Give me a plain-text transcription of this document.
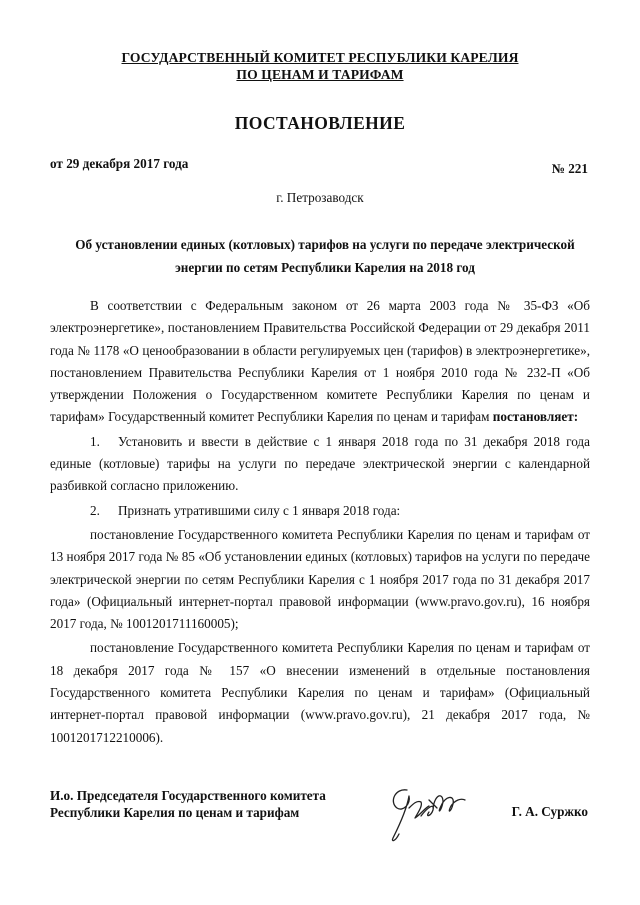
ГОСУДАРСТВЕННЫЙ КОМИТЕТ РЕСПУБЛИКИ КАРЕЛИЯ
ПО ЦЕНАМ И ТАРИФАМ
ПОСТАНОВЛЕНИЕ
от 29 декабря 2017 года	№ 221
г. Петрозаводск
Об установлении единых (котловых) тарифов на услуги по передаче электрической
энергии по сетям Республики Карелия на 2018 год

В соответствии с Федеральным законом от 26 марта 2003 года № 35-ФЗ «Об электроэнергетике», постановлением Правительства Российской Федерации от 29 декабря 2011 года № 1178 «О ценообразовании в области регулируемых цен (тарифов) в электроэнергетике», постановлением Правительства Республики Карелия от 1 ноября 2010 года № 232-П «Об утверждении Положения о Государственном комитете Республики Карелия по ценам и тарифам» Государственный комитет Республики Карелия по ценам и тарифам постановляет:

1. Установить и ввести в действие с 1 января 2018 года по 31 декабря 2018 года единые (котловые) тарифы на услуги по передаче электрической энергии с календарной разбивкой согласно приложению.

2. Признать утратившими силу с 1 января 2018 года:

постановление Государственного комитета Республики Карелия по ценам и тарифам от 13 ноября 2017 года № 85 «Об установлении единых (котловых) тарифов на услуги по передаче электрической энергии по сетям Республики Карелия с 1 ноября 2017 года по 31 декабря 2017 года» (Официальный интернет-портал правовой информации (www.pravo.gov.ru), 16 ноября 2017 года, № 1001201711160005);

постановление Государственного комитета Республики Карелия по ценам и тарифам от 18 декабря 2017 года № 157 «О внесении изменений в отдельные постановления Государственного комитета Республики Карелия по ценам и тарифам» (Официальный интернет-портал правовой информации (www.pravo.gov.ru), 21 декабря 2017 года, № 1001201712210006).

И.о. Председателя Государственного комитета
Республики Карелия по ценам и тарифам	Г. А. Суржко
